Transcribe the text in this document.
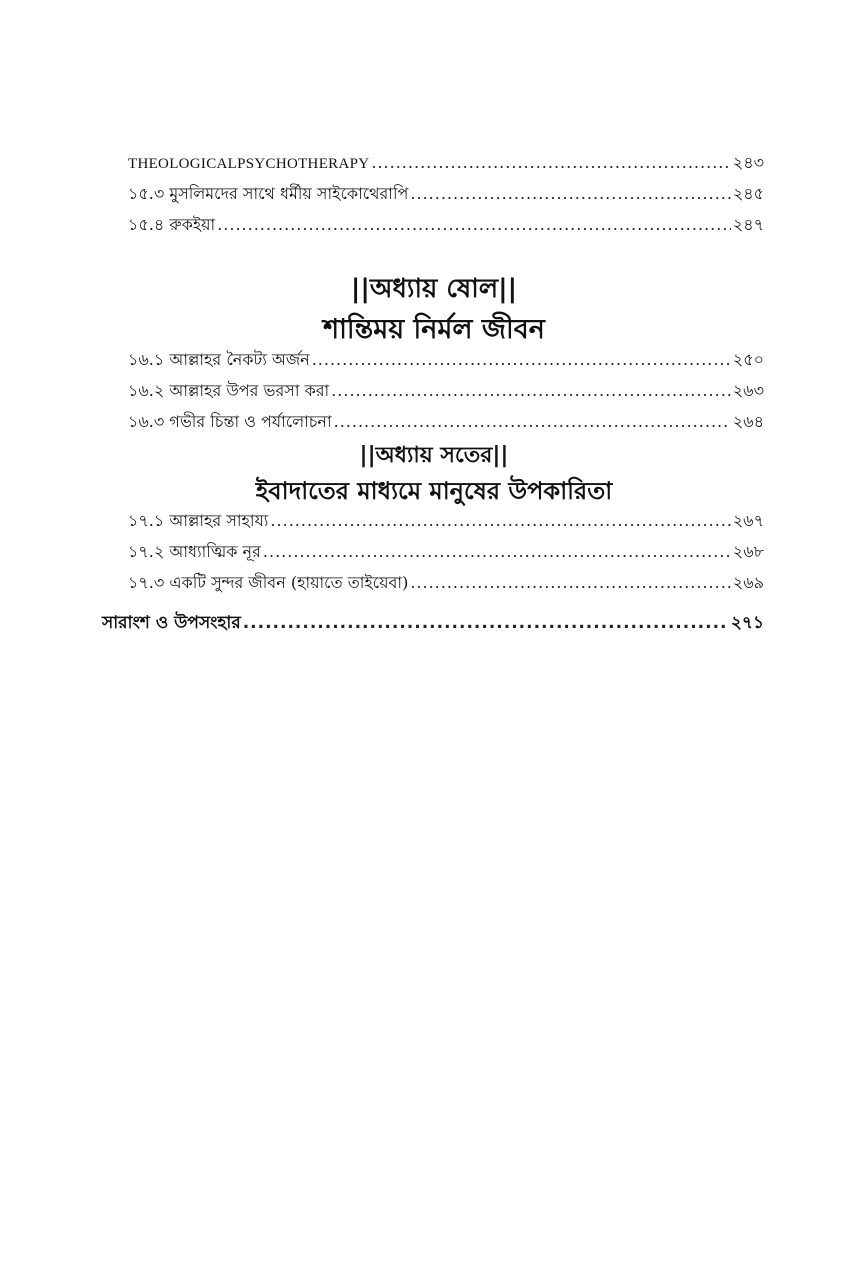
THEOLOGICALPSYCHOTHERAPY .....	২৪৩
১৫.৩ মুসলিমদের সাথে ধর্মীয় সাইকোথেরাপি .....	২৪৫
১৫.৪ রুকইয়া .....	২৪৭
||অধ্যায় ষোল||
শান্তিময় নির্মল জীবন
১৬.১ আল্লাহর নৈকট্য অর্জন .....	২৫০
১৬.২ আল্লাহর উপর ভরসা করা .....	২৬৩
১৬.৩ গভীর চিন্তা ও পর্যালোচনা .....	২৬৪
||অধ্যায় সতের||
ইবাদাতের মাধ্যমে মানুষের উপকারিতা
১৭.১ আল্লাহর সাহায্য .....	২৬৭
১৭.২ আধ্যাত্মিক নূর .....	২৬৮
১৭.৩ একটি সুন্দর জীবন (হায়াতে তাইয়েবা) .....	২৬৯
সারাংশ ও উপসংহার .....	২৭১
